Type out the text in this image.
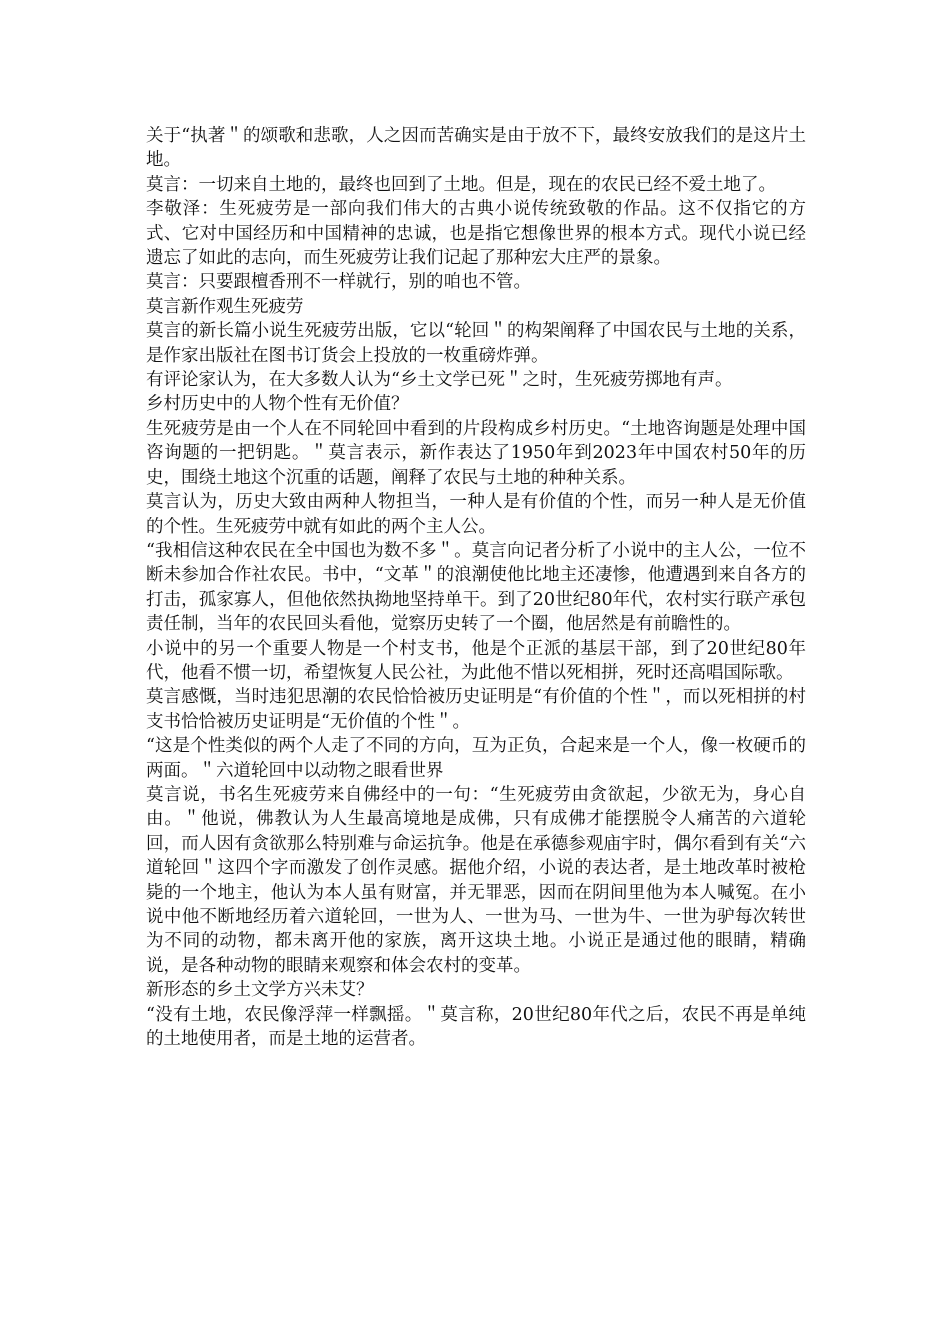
关于“执著＂的颂歌和悲歌，人之因而苦确实是由于放不下，最终安放我们的是这片土地。

莫言：一切来自土地的，最终也回到了土地。但是，现在的农民已经不爱土地了。

李敬泽：生死疲劳是一部向我们伟大的古典小说传统致敬的作品。这不仅指它的方式、它对中国经历和中国精神的忠诚，也是指它想像世界的根本方式。现代小说已经遗忘了如此的志向，而生死疲劳让我们记起了那种宏大庄严的景象。

莫言：只要跟檀香刑不一样就行，别的咱也不管。

莫言新作观生死疲劳

莫言的新长篇小说生死疲劳出版，它以“轮回＂的构架阐释了中国农民与土地的关系，是作家出版社在图书订货会上投放的一枚重磅炸弹。

有评论家认为，在大多数人认为“乡土文学已死＂之时，生死疲劳掷地有声。

乡村历史中的人物个性有无价值？

生死疲劳是由一个人在不同轮回中看到的片段构成乡村历史。“土地咨询题是处理中国咨询题的一把钥匙。＂莫言表示，新作表达了1950年到2023年中国农村50年的历史，围绕土地这个沉重的话题，阐释了农民与土地的种种关系。

莫言认为，历史大致由两种人物担当，一种人是有价值的个性，而另一种人是无价值的个性。生死疲劳中就有如此的两个主人公。

“我相信这种农民在全中国也为数不多＂。莫言向记者分析了小说中的主人公，一位不断未参加合作社农民。书中，“文革＂的浪潮使他比地主还凄惨，他遭遇到来自各方的打击，孤家寡人，但他依然执拗地坚持单干。到了20世纪80年代，农村实行联产承包责任制，当年的农民回头看他，觉察历史转了一个圈，他居然是有前瞻性的。

小说中的另一个重要人物是一个村支书，他是个正派的基层干部，到了20世纪80年代，他看不惯一切，希望恢复人民公社，为此他不惜以死相拼，死时还高唱国际歌。

莫言感慨，当时违犯思潮的农民恰恰被历史证明是“有价值的个性＂，而以死相拼的村支书恰恰被历史证明是“无价值的个性＂。

“这是个性类似的两个人走了不同的方向，互为正负，合起来是一个人，像一枚硬币的两面。＂六道轮回中以动物之眼看世界

莫言说，书名生死疲劳来自佛经中的一句：“生死疲劳由贪欲起，少欲无为，身心自由。＂他说，佛教认为人生最高境地是成佛，只有成佛才能摆脱令人痛苦的六道轮回，而人因有贪欲那么特别难与命运抗争。他是在承德参观庙宇时，偶尔看到有关“六道轮回＂这四个字而激发了创作灵感。据他介绍，小说的表达者，是土地改革时被枪毙的一个地主，他认为本人虽有财富，并无罪恶，因而在阴间里他为本人喊冤。在小说中他不断地经历着六道轮回，一世为人、一世为马、一世为牛、一世为驴每次转世为不同的动物，都未离开他的家族，离开这块土地。小说正是通过他的眼睛，精确说，是各种动物的眼睛来观察和体会农村的变革。

新形态的乡土文学方兴未艾？

“没有土地，农民像浮萍一样飘摇。＂莫言称，20世纪80年代之后，农民不再是单纯的土地使用者，而是土地的运营者。
